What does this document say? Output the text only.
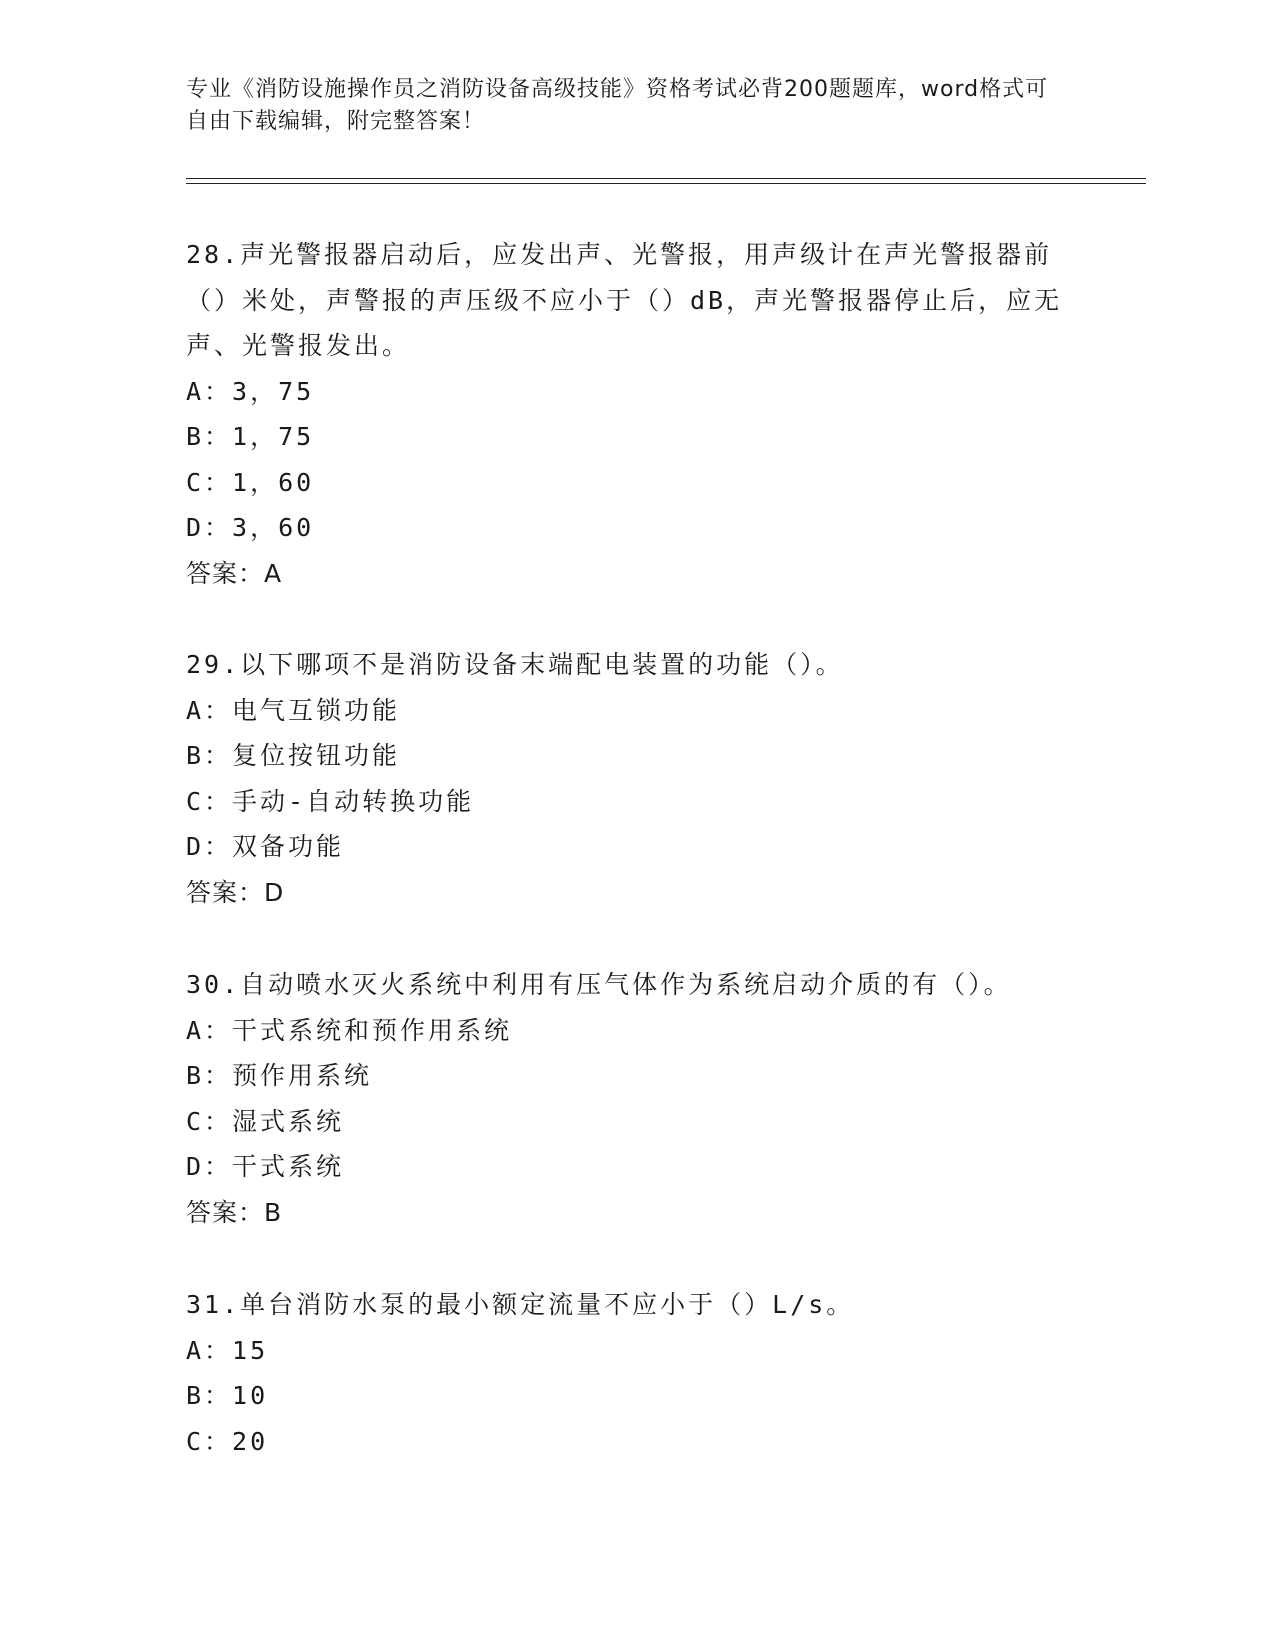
专业《消防设施操作员之消防设备高级技能》资格考试必背200题题库，word格式可自由下载编辑，附完整答案！

28.声光警报器启动后，应发出声、光警报，用声级计在声光警报器前（）米处，声警报的声压级不应小于（）dB，声光警报器停止后，应无声、光警报发出。

A：3，75

B：1，75

C：1，60

D：3，60

答案：A

29.以下哪项不是消防设备末端配电装置的功能（）。

A：电气互锁功能

B：复位按钮功能

C：手动-自动转换功能

D：双备功能

答案：D

30.自动喷水灭火系统中利用有压气体作为系统启动介质的有（）。

A：干式系统和预作用系统

B：预作用系统

C：湿式系统

D：干式系统

答案：B

31.单台消防水泵的最小额定流量不应小于（）L/s。

A：15

B：10

C：20
